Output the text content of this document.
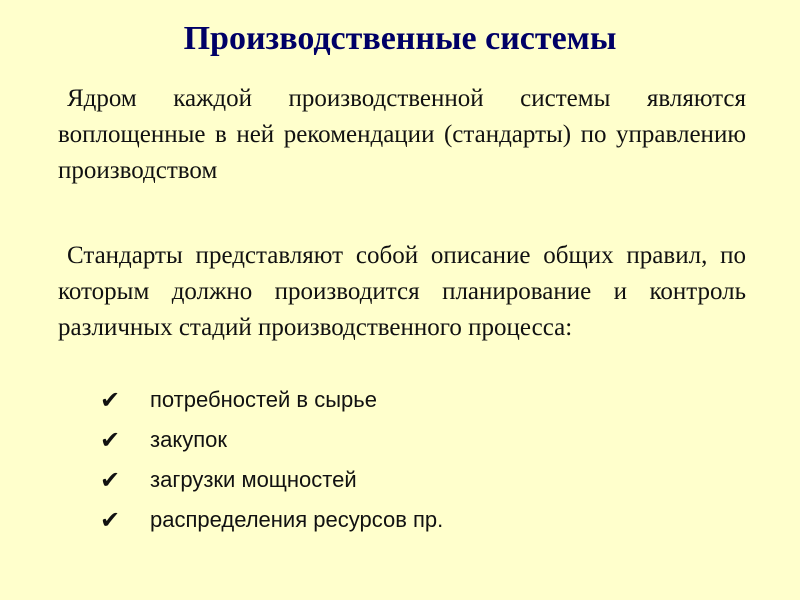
Производственные системы
Ядром каждой производственной системы являются воплощенные в ней рекомендации (стандарты) по управлению производством
Стандарты представляют собой описание общих правил, по которым должно производится планирование и контроль различных стадий производственного процесса:
✔	потребностей в сырье
✔	закупок
✔	загрузки мощностей
✔	распределения ресурсов пр.
